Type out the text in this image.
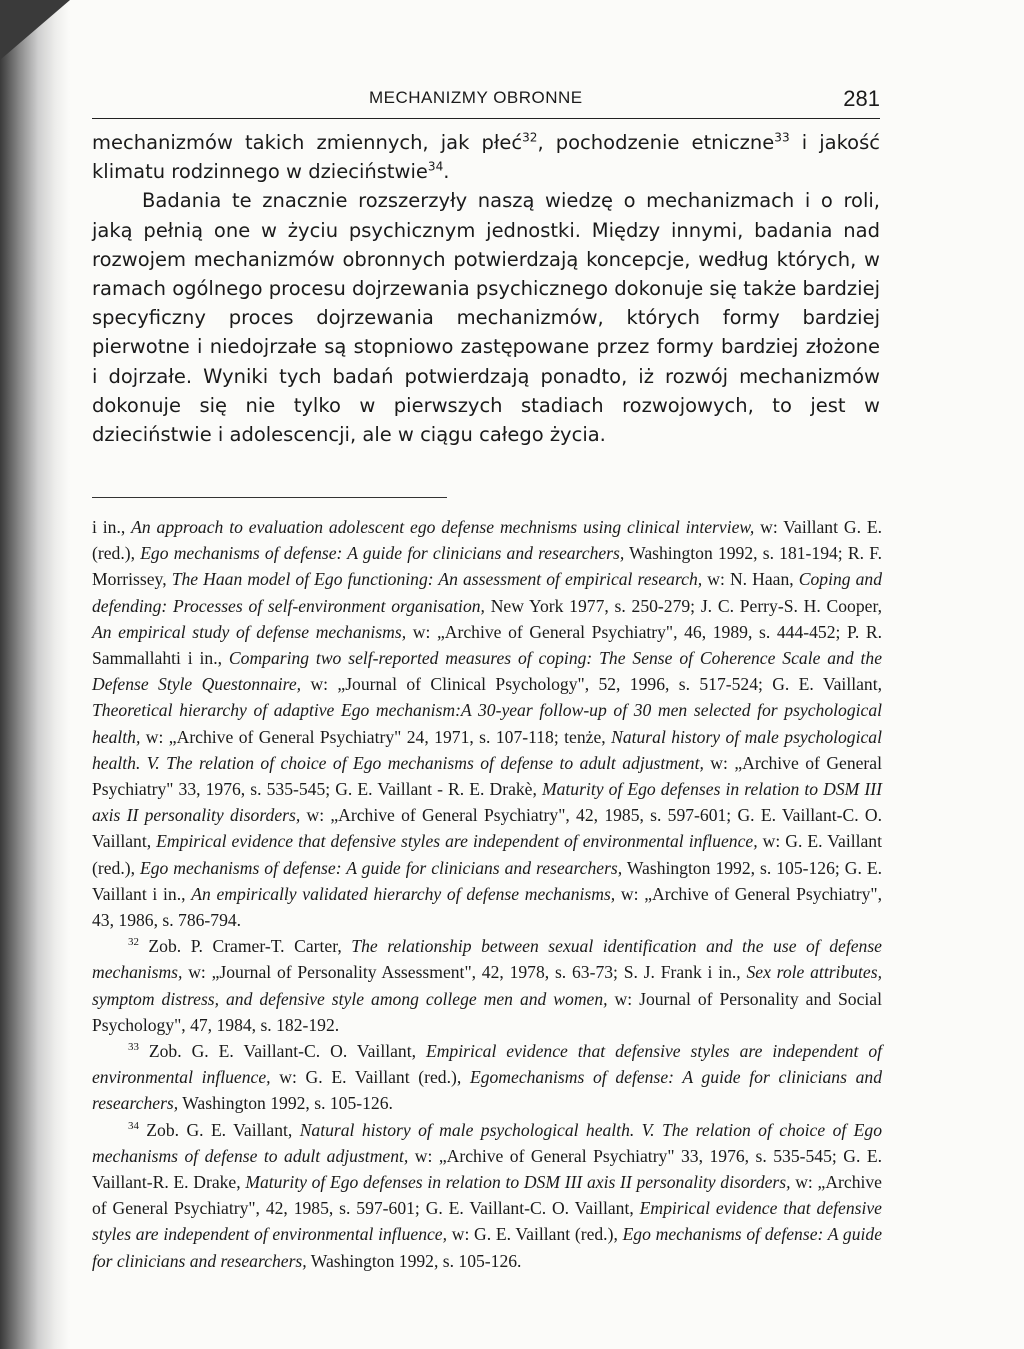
MECHANIZMY OBRONNE	281

mechanizmów takich zmiennych, jak płeć$^{32}$, pochodzenie etniczne$^{33}$ i jakość klimatu rodzinnego w dzieciństwie$^{34}$.

Badania te znacznie rozszerzyły naszą wiedzę o mechanizmach i o roli, jaką pełnią one w życiu psychicznym jednostki. Między innymi, badania nad rozwojem mechanizmów obronnych potwierdzają koncepcje, według których, w ramach ogólnego procesu dojrzewania psychicznego dokonuje się także bardziej specyficzny proces dojrzewania mechanizmów, których formy bardziej pierwotne i niedojrzałe są stopniowo zastępowane przez formy bardziej złożone i dojrzałe. Wyniki tych badań potwierdzają ponadto, iż rozwój mechanizmów dokonuje się nie tylko w pierwszych stadiach rozwojowych, to jest w dzieciństwie i adolescencji, ale w ciągu całego życia.

i in., An approach to evaluation adolescent ego defense mechnisms using clinical interview, w: Vaillant G. E. (red.), Ego mechanisms of defense: A guide for clinicians and researchers, Washington 1992, s. 181-194; R. F. Morrissey, The Haan model of Ego functioning: An assessment of empirical research, w: N. Haan, Coping and defending: Processes of self-environment organisation, New York 1977, s. 250-279; J. C. Perry-S. H. Cooper, An empirical study of defense mechanisms, w: „Archive of General Psychiatry", 46, 1989, s. 444-452; P. R. Sammallahti i in., Comparing two self-reported measures of coping: The Sense of Coherence Scale and the Defense Style Questonnaire, w: „Journal of Clinical Psychology", 52, 1996, s. 517-524; G. E. Vaillant, Theoretical hierarchy of adaptive Ego mechanism:A 30-year follow-up of 30 men selected for psychological health, w: „Archive of General Psychiatry" 24, 1971, s. 107-118; tenże, Natural history of male psychological health. V. The relation of choice of Ego mechanisms of defense to adult adjustment, w: „Archive of General Psychiatry" 33, 1976, s. 535-545; G. E. Vaillant - R. E. Drakè, Maturity of Ego defenses in relation to DSM III axis II personality disorders, w: „Archive of General Psychiatry", 42, 1985, s. 597-601; G. E. Vaillant-C. O. Vaillant, Empirical evidence that defensive styles are independent of environmental influence, w: G. E. Vaillant (red.), Ego mechanisms of defense: A guide for clinicians and researchers, Washington 1992, s. 105-126; G. E. Vaillant i in., An empirically validated hierarchy of defense mechanisms, w: „Archive of General Psychiatry", 43, 1986, s. 786-794.

$^{32}$ Zob. P. Cramer-T. Carter, The relationship between sexual identification and the use of defense mechanisms, w: „Journal of Personality Assessment", 42, 1978, s. 63-73; S. J. Frank i in., Sex role attributes, symptom distress, and defensive style among college men and women, w: Journal of Personality and Social Psychology", 47, 1984, s. 182-192.

$^{33}$ Zob. G. E. Vaillant-C. O. Vaillant, Empirical evidence that defensive styles are independent of environmental influence, w: G. E. Vaillant (red.), Egomechanisms of defense: A guide for clinicians and researchers, Washington 1992, s. 105-126.

$^{34}$ Zob. G. E. Vaillant, Natural history of male psychological health. V. The relation of choice of Ego mechanisms of defense to adult adjustment, w: „Archive of General Psychiatry" 33, 1976, s. 535-545; G. E. Vaillant-R. E. Drake, Maturity of Ego defenses in relation to DSM III axis II personality disorders, w: „Archive of General Psychiatry", 42, 1985, s. 597-601; G. E. Vaillant-C. O. Vaillant, Empirical evidence that defensive styles are independent of environmental influence, w: G. E. Vaillant (red.), Ego mechanisms of defense: A guide for clinicians and researchers, Washington 1992, s. 105-126.
